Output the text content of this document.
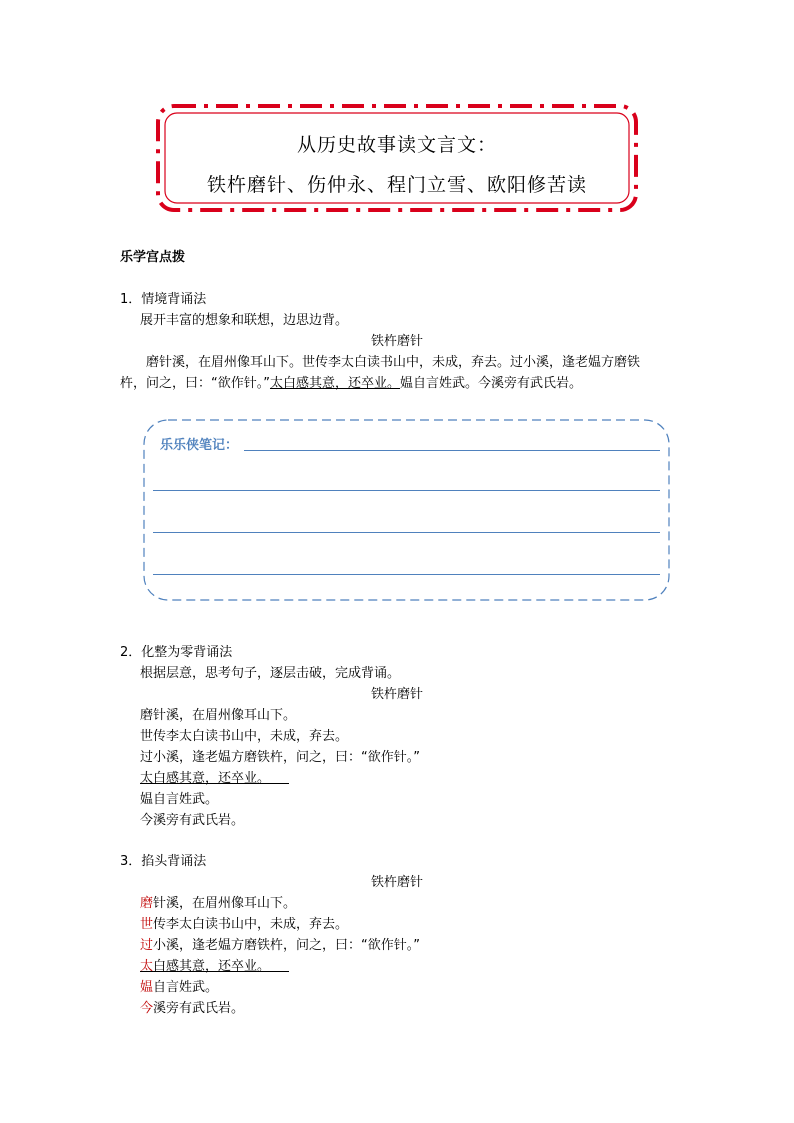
从历史故事读文言文：
铁杵磨针、伤仲永、程门立雪、欧阳修苦读
乐学宫点拨
1．情境背诵法
展开丰富的想象和联想，边思边背。
铁杵磨针
磨针溪，在眉州像耳山下。世传李太白读书山中，未成，弃去。过小溪，逢老媪方磨铁
杵，问之，曰：“欲作针。”太白感其意，还卒业。媪自言姓武。今溪旁有武氏岩。
乐乐侠笔记：
2．化整为零背诵法
根据层意，思考句子，逐层击破，完成背诵。
铁杵磨针
磨针溪，在眉州像耳山下。
世传李太白读书山中，未成，弃去。
过小溪，逢老媪方磨铁杵，问之，曰：“欲作针。”
太白感其意，还卒业。
媪自言姓武。
今溪旁有武氏岩。
3．掐头背诵法
铁杵磨针
磨针溪，在眉州像耳山下。
世传李太白读书山中，未成，弃去。
过小溪，逢老媪方磨铁杵，问之，曰：“欲作针。”
太白感其意，还卒业。
媪自言姓武。
今溪旁有武氏岩。
